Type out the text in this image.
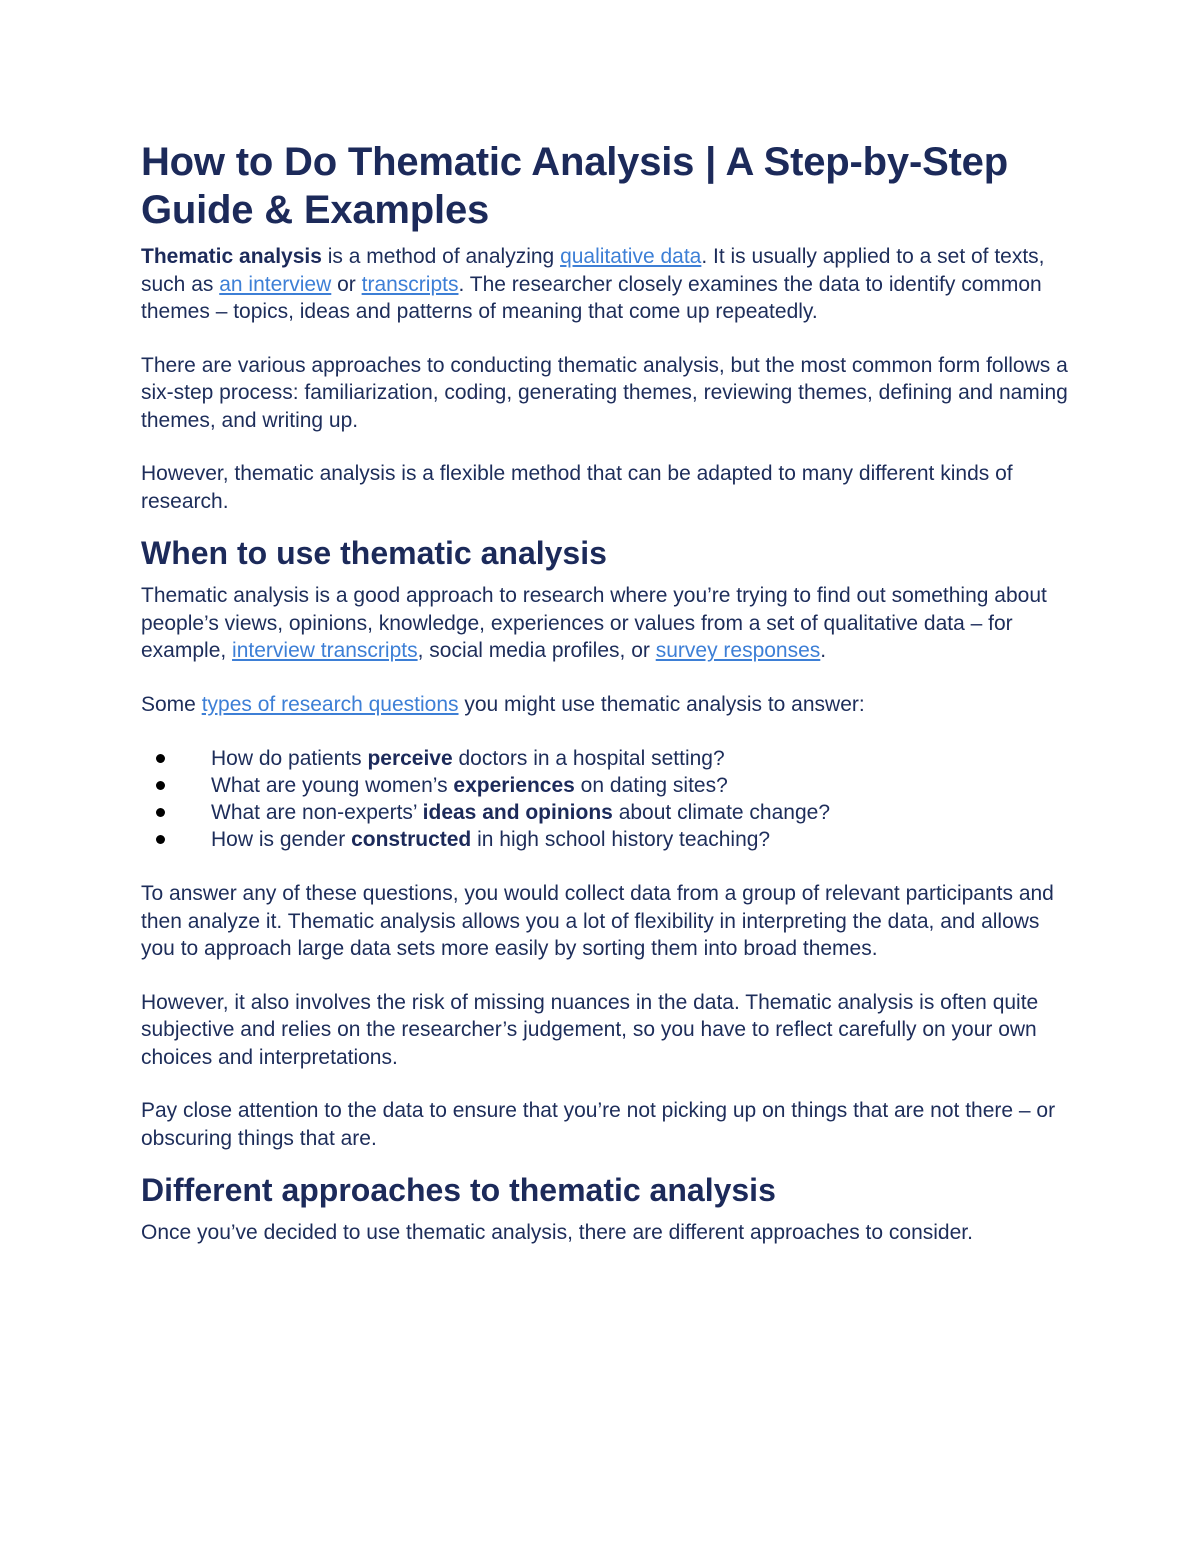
How to Do Thematic Analysis | A Step-by-Step Guide & Examples

Thematic analysis is a method of analyzing qualitative data. It is usually applied to a set of texts, such as an interview or transcripts. The researcher closely examines the data to identify common themes – topics, ideas and patterns of meaning that come up repeatedly.

There are various approaches to conducting thematic analysis, but the most common form follows a six-step process: familiarization, coding, generating themes, reviewing themes, defining and naming themes, and writing up.

However, thematic analysis is a flexible method that can be adapted to many different kinds of research.

When to use thematic analysis

Thematic analysis is a good approach to research where you’re trying to find out something about people’s views, opinions, knowledge, experiences or values from a set of qualitative data – for example, interview transcripts, social media profiles, or survey responses.

Some types of research questions you might use thematic analysis to answer:

How do patients perceive doctors in a hospital setting?
What are young women’s experiences on dating sites?
What are non-experts’ ideas and opinions about climate change?
How is gender constructed in high school history teaching?

To answer any of these questions, you would collect data from a group of relevant participants and then analyze it. Thematic analysis allows you a lot of flexibility in interpreting the data, and allows you to approach large data sets more easily by sorting them into broad themes.

However, it also involves the risk of missing nuances in the data. Thematic analysis is often quite subjective and relies on the researcher’s judgement, so you have to reflect carefully on your own choices and interpretations.

Pay close attention to the data to ensure that you’re not picking up on things that are not there – or obscuring things that are.

Different approaches to thematic analysis

Once you’ve decided to use thematic analysis, there are different approaches to consider.
